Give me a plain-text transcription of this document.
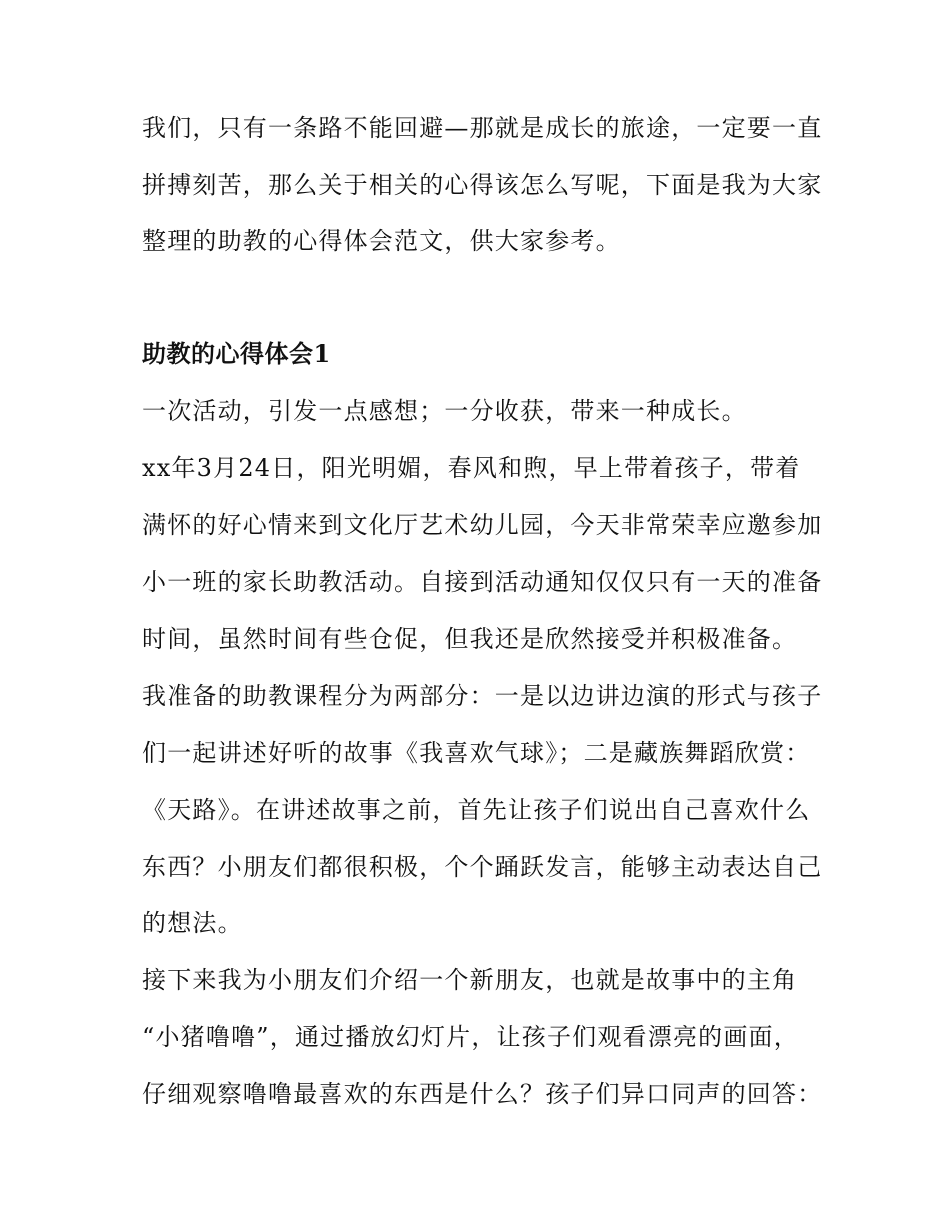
我们，只有一条路不能回避—那就是成长的旅途，一定要一直
拼搏刻苦，那么关于相关的心得该怎么写呢，下面是我为大家
整理的助教的心得体会范文，供大家参考。
助教的心得体会1
一次活动，引发一点感想；一分收获，带来一种成长。
xx年3月24日，阳光明媚，春风和煦，早上带着孩子，带着
满怀的好心情来到文化厅艺术幼儿园，今天非常荣幸应邀参加
小一班的家长助教活动。自接到活动通知仅仅只有一天的准备
时间，虽然时间有些仓促，但我还是欣然接受并积极准备。
我准备的助教课程分为两部分：一是以边讲边演的形式与孩子
们一起讲述好听的故事《我喜欢气球》；二是藏族舞蹈欣赏：
《天路》。在讲述故事之前，首先让孩子们说出自己喜欢什么
东西？小朋友们都很积极，个个踊跃发言，能够主动表达自己
的想法。
接下来我为小朋友们介绍一个新朋友，也就是故事中的主角
“小猪噜噜”，通过播放幻灯片，让孩子们观看漂亮的画面，
仔细观察噜噜最喜欢的东西是什么？孩子们异口同声的回答：
